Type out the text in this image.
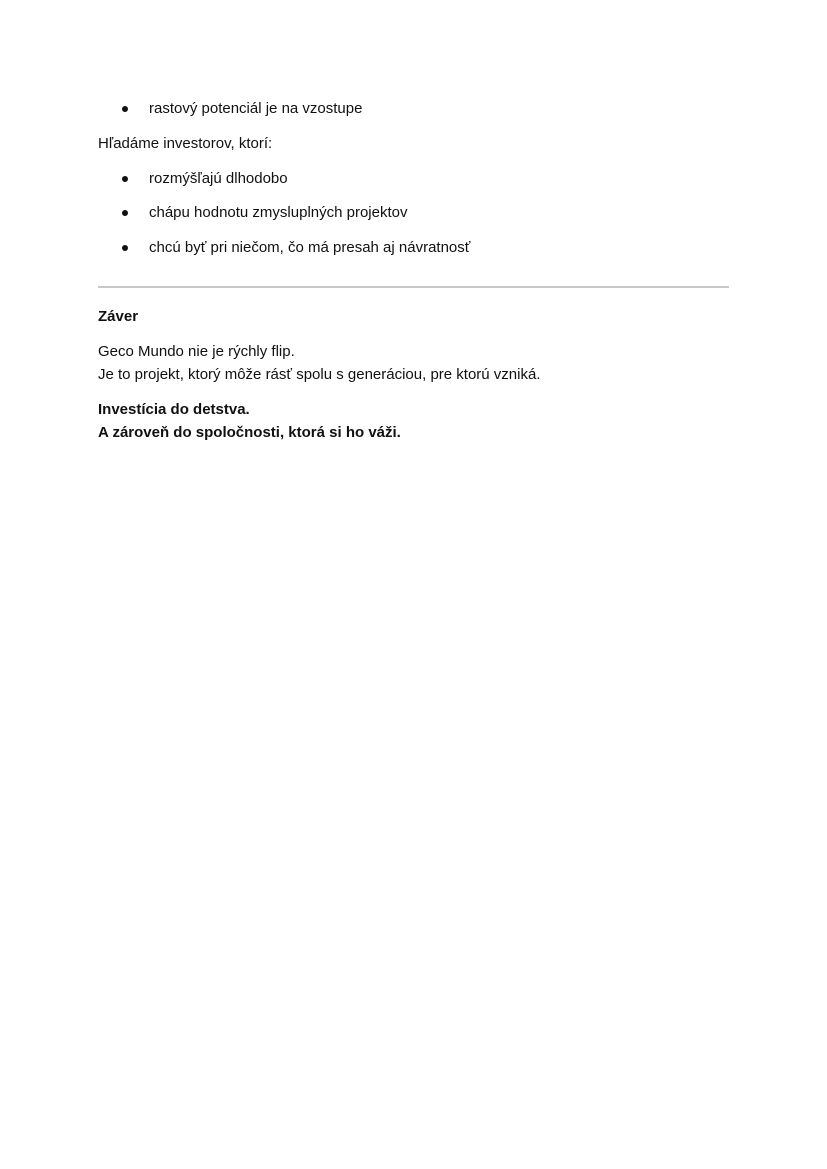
rastový potenciál je na vzostupe
Hľadáme investorov, ktorí:
rozmýšľajú dlhodobo
chápu hodnotu zmysluplných projektov
chcú byť pri niečom, čo má presah aj návratnosť
Záver
Geco Mundo nie je rýchly flip.
Je to projekt, ktorý môže rásť spolu s generáciou, pre ktorú vzniká.
Investícia do detstva.
A zároveň do spoločnosti, ktorá si ho váži.
